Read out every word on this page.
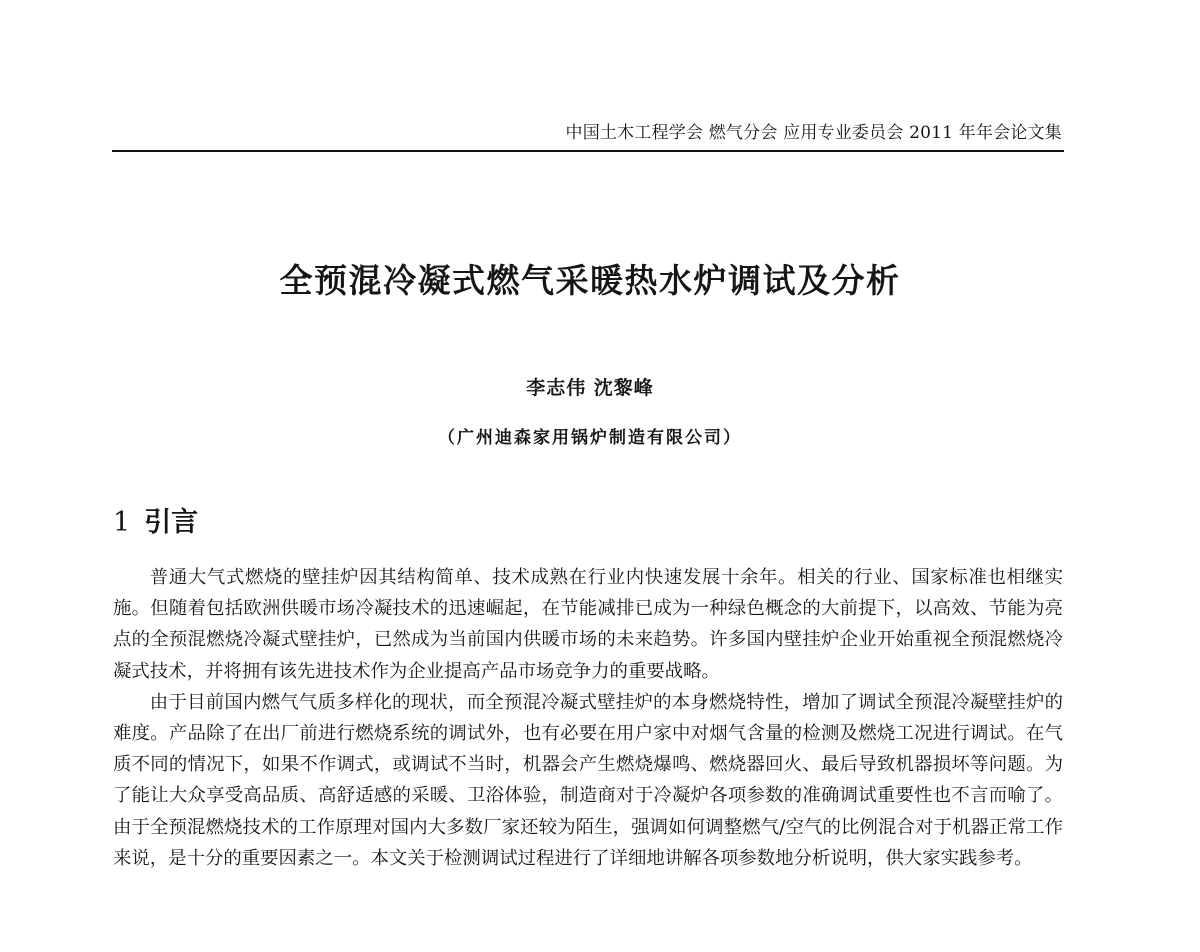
中国土木工程学会 燃气分会 应用专业委员会 2011 年年会论文集
全预混冷凝式燃气采暖热水炉调试及分析
李志伟 沈黎峰
（广州迪森家用锅炉制造有限公司）
1 引言

普通大气式燃烧的壁挂炉因其结构简单、技术成熟在行业内快速发展十余年。相关的行业、国家标准也相继实施。但随着包括欧洲供暖市场冷凝技术的迅速崛起，在节能减排已成为一种绿色概念的大前提下，以高效、节能为亮点的全预混燃烧冷凝式壁挂炉，已然成为当前国内供暖市场的未来趋势。许多国内壁挂炉企业开始重视全预混燃烧冷凝式技术，并将拥有该先进技术作为企业提高产品市场竞争力的重要战略。

由于目前国内燃气气质多样化的现状，而全预混冷凝式壁挂炉的本身燃烧特性，增加了调试全预混冷凝壁挂炉的难度。产品除了在出厂前进行燃烧系统的调试外，也有必要在用户家中对烟气含量的检测及燃烧工况进行调试。在气质不同的情况下，如果不作调式，或调试不当时，机器会产生燃烧爆鸣、燃烧器回火、最后导致机器损坏等问题。为了能让大众享受高品质、高舒适感的采暖、卫浴体验，制造商对于冷凝炉各项参数的准确调试重要性也不言而喻了。由于全预混燃烧技术的工作原理对国内大多数厂家还较为陌生，强调如何调整燃气/空气的比例混合对于机器正常工作来说，是十分的重要因素之一。本文关于检测调试过程进行了详细地讲解各项参数地分析说明，供大家实践参考。
